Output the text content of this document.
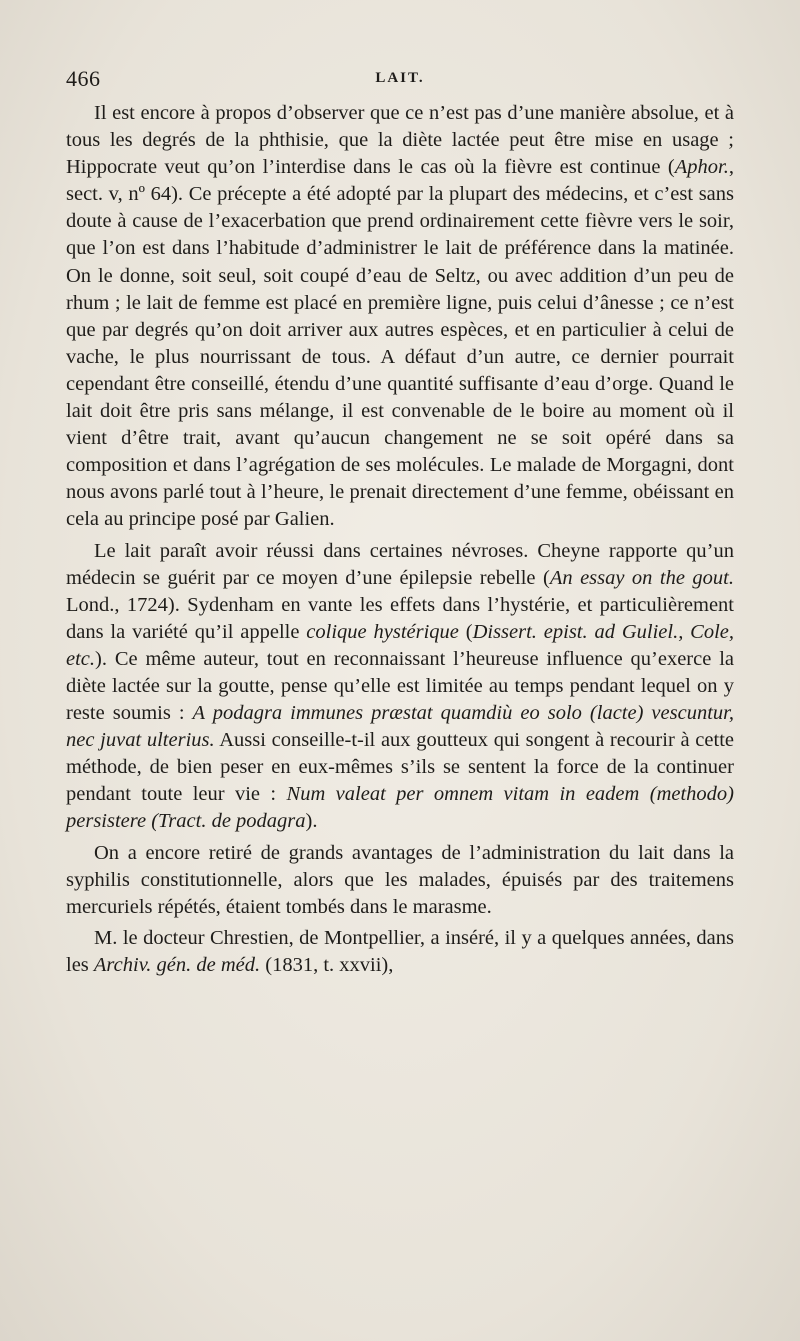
466	LAIT.

Il est encore à propos d’observer que ce n’est pas d’une manière absolue, et à tous les degrés de la phthisie, que la diète lactée peut être mise en usage ; Hippocrate veut qu’on l’interdise dans le cas où la fièvre est continue (Aphor., sect. v, nº 64). Ce précepte a été adopté par la plupart des médecins, et c’est sans doute à cause de l’exacerbation que prend ordinairement cette fièvre vers le soir, que l’on est dans l’habitude d’administrer le lait de préférence dans la matinée. On le donne, soit seul, soit coupé d’eau de Seltz, ou avec addition d’un peu de rhum ; le lait de femme est placé en première ligne, puis celui d’ânesse ; ce n’est que par degrés qu’on doit arriver aux autres espèces, et en particulier à celui de vache, le plus nourrissant de tous. A défaut d’un autre, ce dernier pourrait cependant être conseillé, étendu d’une quantité suffisante d’eau d’orge. Quand le lait doit être pris sans mélange, il est convenable de le boire au moment où il vient d’être trait, avant qu’aucun changement ne se soit opéré dans sa composition et dans l’agrégation de ses molécules. Le malade de Morgagni, dont nous avons parlé tout à l’heure, le prenait directement d’une femme, obéissant en cela au principe posé par Galien.

Le lait paraît avoir réussi dans certaines névroses. Cheyne rapporte qu’un médecin se guérit par ce moyen d’une épilepsie rebelle (An essay on the gout. Lond., 1724). Sydenham en vante les effets dans l’hystérie, et particulièrement dans la variété qu’il appelle colique hystérique (Dissert. epist. ad Guliel., Cole, etc.). Ce même auteur, tout en reconnaissant l’heureuse influence qu’exerce la diète lactée sur la goutte, pense qu’elle est limitée au temps pendant lequel on y reste soumis : A podagra immunes præstat quamdiù eo solo (lacte) vescuntur, nec juvat ulterius. Aussi conseille-t-il aux goutteux qui songent à recourir à cette méthode, de bien peser en eux-mêmes s’ils se sentent la force de la continuer pendant toute leur vie : Num valeat per omnem vitam in eadem (methodo) persistere (Tract. de podagra).

On a encore retiré de grands avantages de l’administration du lait dans la syphilis constitutionnelle, alors que les malades, épuisés par des traitemens mercuriels répétés, étaient tombés dans le marasme.

M. le docteur Chrestien, de Montpellier, a inséré, il y a quelques années, dans les Archiv. gén. de méd. (1831, t. xxvii),
